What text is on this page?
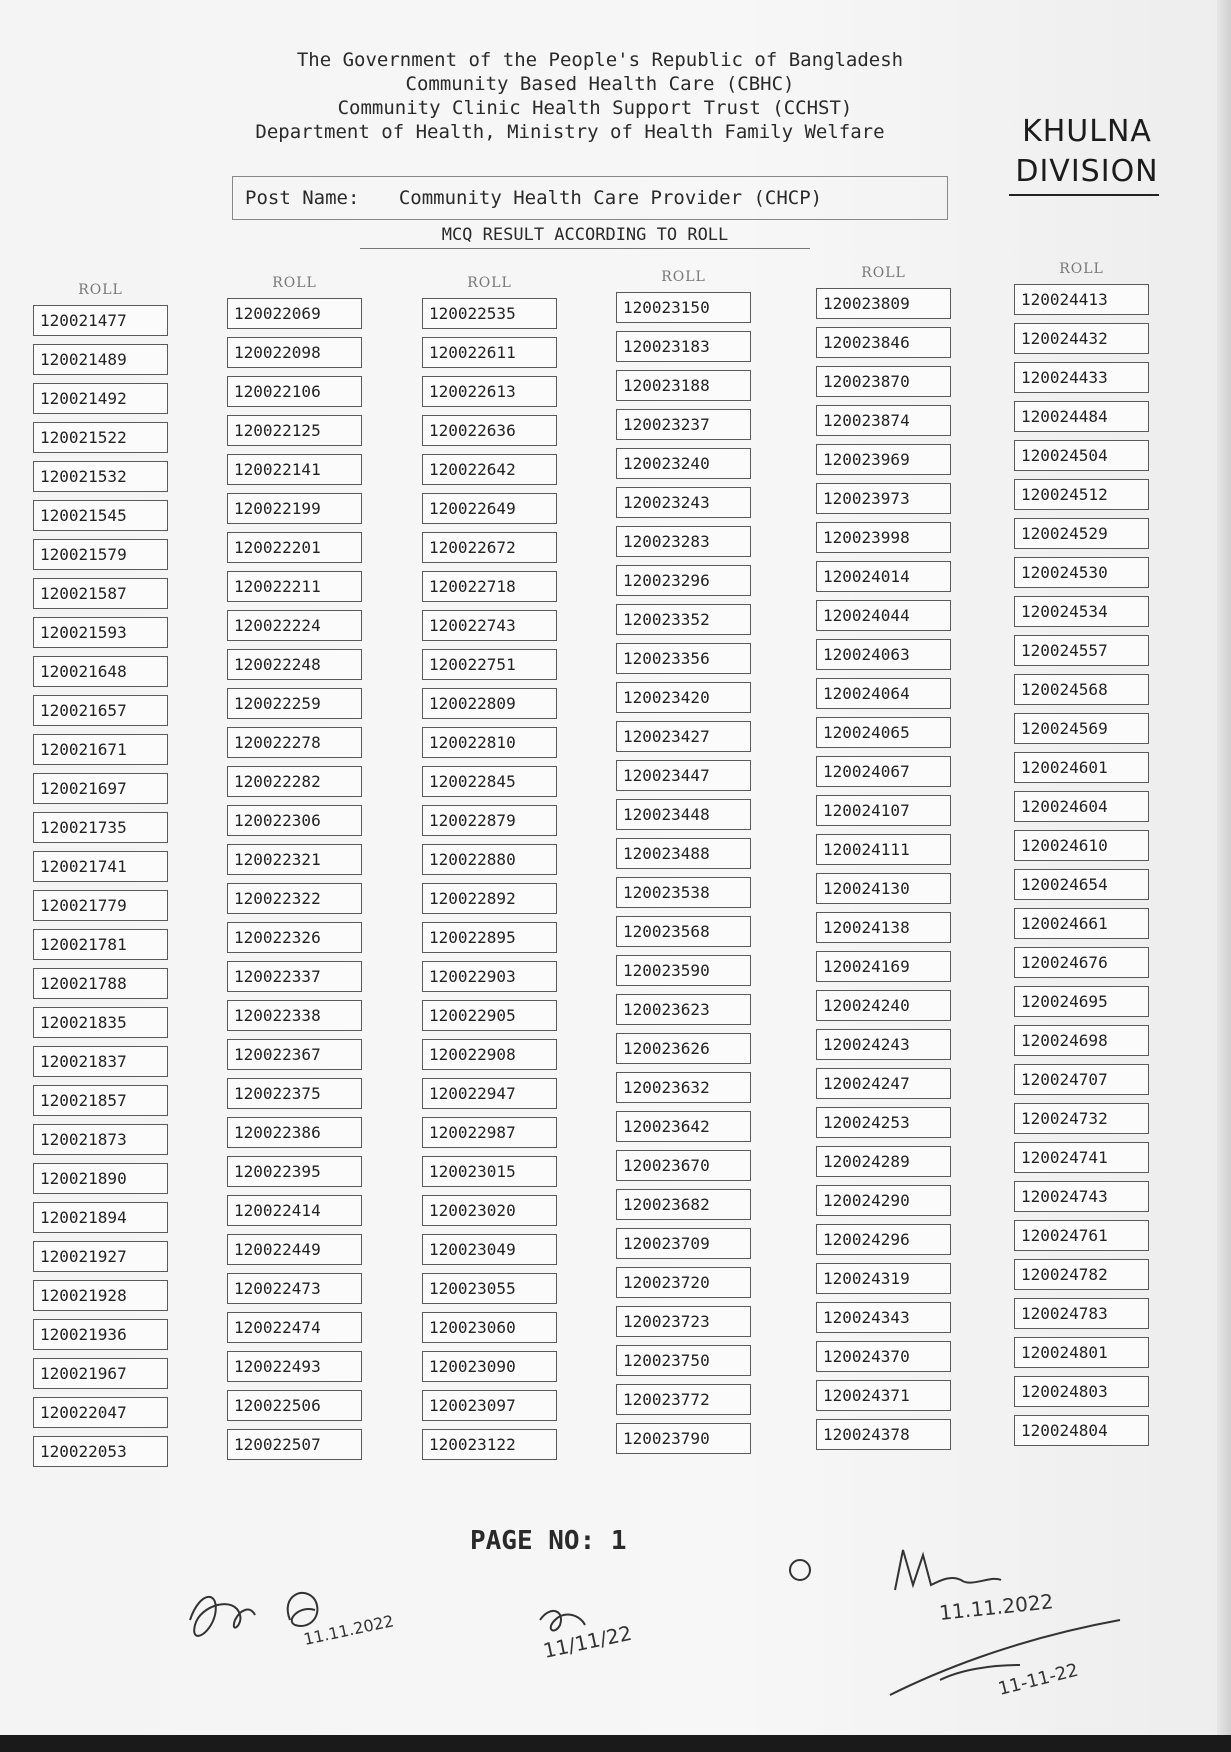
The Government of the People's Republic of Bangladesh
Community Based Health Care (CBHC)
Community Clinic Health Support Trust (CCHST)
Department of Health, Ministry of Health Family Welfare	KHULNA
DIVISION
Post Name: Community Health Care Provider (CHCP)
MCQ RESULT ACCORDING TO ROLL
ROLL
120021477
120021489
120021492
120021522
120021532
120021545
120021579
120021587
120021593
120021648
120021657
120021671
120021697
120021735
120021741
120021779
120021781
120021788
120021835
120021837
120021857
120021873
120021890
120021894
120021927
120021928
120021936
120021967
120022047
120022053
ROLL
120022069
120022098
120022106
120022125
120022141
120022199
120022201
120022211
120022224
120022248
120022259
120022278
120022282
120022306
120022321
120022322
120022326
120022337
120022338
120022367
120022375
120022386
120022395
120022414
120022449
120022473
120022474
120022493
120022506
120022507
ROLL
120022535
120022611
120022613
120022636
120022642
120022649
120022672
120022718
120022743
120022751
120022809
120022810
120022845
120022879
120022880
120022892
120022895
120022903
120022905
120022908
120022947
120022987
120023015
120023020
120023049
120023055
120023060
120023090
120023097
120023122
ROLL
120023150
120023183
120023188
120023237
120023240
120023243
120023283
120023296
120023352
120023356
120023420
120023427
120023447
120023448
120023488
120023538
120023568
120023590
120023623
120023626
120023632
120023642
120023670
120023682
120023709
120023720
120023723
120023750
120023772
120023790
ROLL
120023809
120023846
120023870
120023874
120023969
120023973
120023998
120024014
120024044
120024063
120024064
120024065
120024067
120024107
120024111
120024130
120024138
120024169
120024240
120024243
120024247
120024253
120024289
120024290
120024296
120024319
120024343
120024370
120024371
120024378
ROLL
120024413
120024432
120024433
120024484
120024504
120024512
120024529
120024530
120024534
120024557
120024568
120024569
120024601
120024604
120024610
120024654
120024661
120024676
120024695
120024698
120024707
120024732
120024741
120024743
120024761
120024782
120024783
120024801
120024803
120024804
PAGE NO: 1
11.11.2022	11/11/22
11.11.2022
11-11-22
